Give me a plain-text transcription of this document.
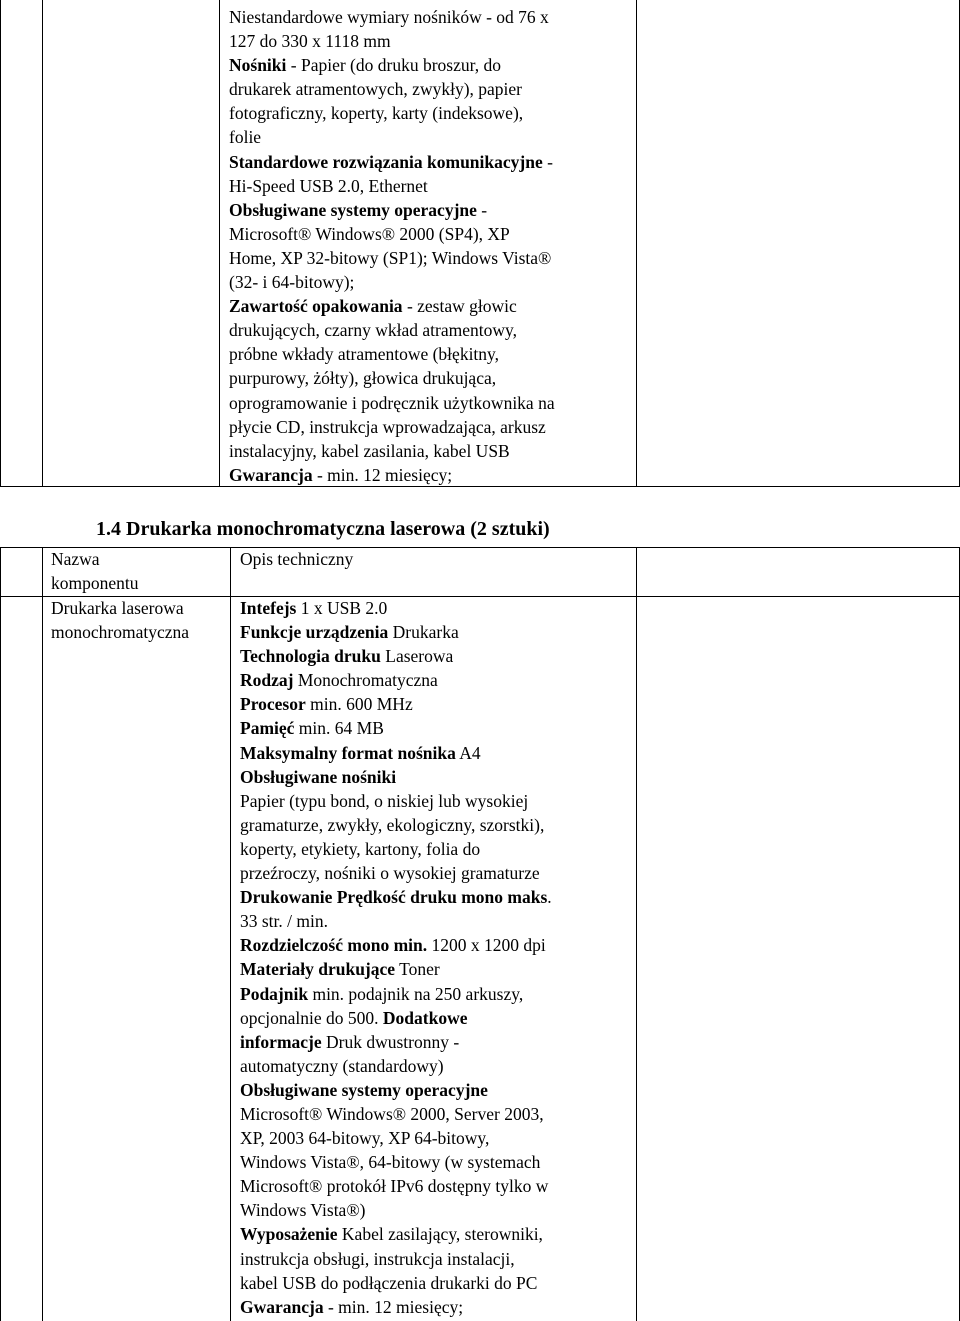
Niestandardowe wymiary nośników - od 76 x
127 do 330 x 1118 mm
Nośniki - Papier (do druku broszur, do
drukarek atramentowych, zwykły), papier
fotograficzny, koperty, karty (indeksowe),
folie
Standardowe rozwiązania komunikacyjne -
Hi-Speed USB 2.0, Ethernet
Obsługiwane systemy operacyjne -
Microsoft® Windows® 2000 (SP4), XP
Home, XP 32-bitowy (SP1); Windows Vista®
(32- i 64-bitowy);
Zawartość opakowania - zestaw głowic
drukujących, czarny wkład atramentowy,
próbne wkłady atramentowe (błękitny,
purpurowy, żółty), głowica drukująca,
oprogramowanie i podręcznik użytkownika na
płycie CD, instrukcja wprowadzająca, arkusz
instalacyjny, kabel zasilania, kabel USB
Gwarancja - min. 12 miesięcy;
1.4 Drukarka monochromatyczna laserowa (2 sztuki)
Nazwa
komponentu
Opis techniczny
Drukarka laserowa
monochromatyczna
Intefejs 1 x USB 2.0
Funkcje urządzenia Drukarka
Technologia druku Laserowa
Rodzaj Monochromatyczna
Procesor min. 600 MHz
Pamięć min. 64 MB
Maksymalny format nośnika A4
Obsługiwane nośniki
Papier (typu bond, o niskiej lub wysokiej
gramaturze, zwykły, ekologiczny, szorstki),
koperty, etykiety, kartony, folia do
przeźroczy, nośniki o wysokiej gramaturze
Drukowanie Prędkość druku mono maks.
33 str. / min.
Rozdzielczość mono min. 1200 x 1200 dpi
Materiały drukujące Toner
Podajnik min. podajnik na 250 arkuszy,
opcjonalnie do 500. Dodatkowe
informacje Druk dwustronny -
automatyczny (standardowy)
Obsługiwane systemy operacyjne
Microsoft® Windows® 2000, Server 2003,
XP, 2003 64-bitowy, XP 64-bitowy,
Windows Vista®, 64-bitowy (w systemach
Microsoft® protokół IPv6 dostępny tylko w
Windows Vista®)
Wyposażenie Kabel zasilający, sterowniki,
instrukcja obsługi, instrukcja instalacji,
kabel USB do podłączenia drukarki do PC
Gwarancja - min. 12 miesięcy;
